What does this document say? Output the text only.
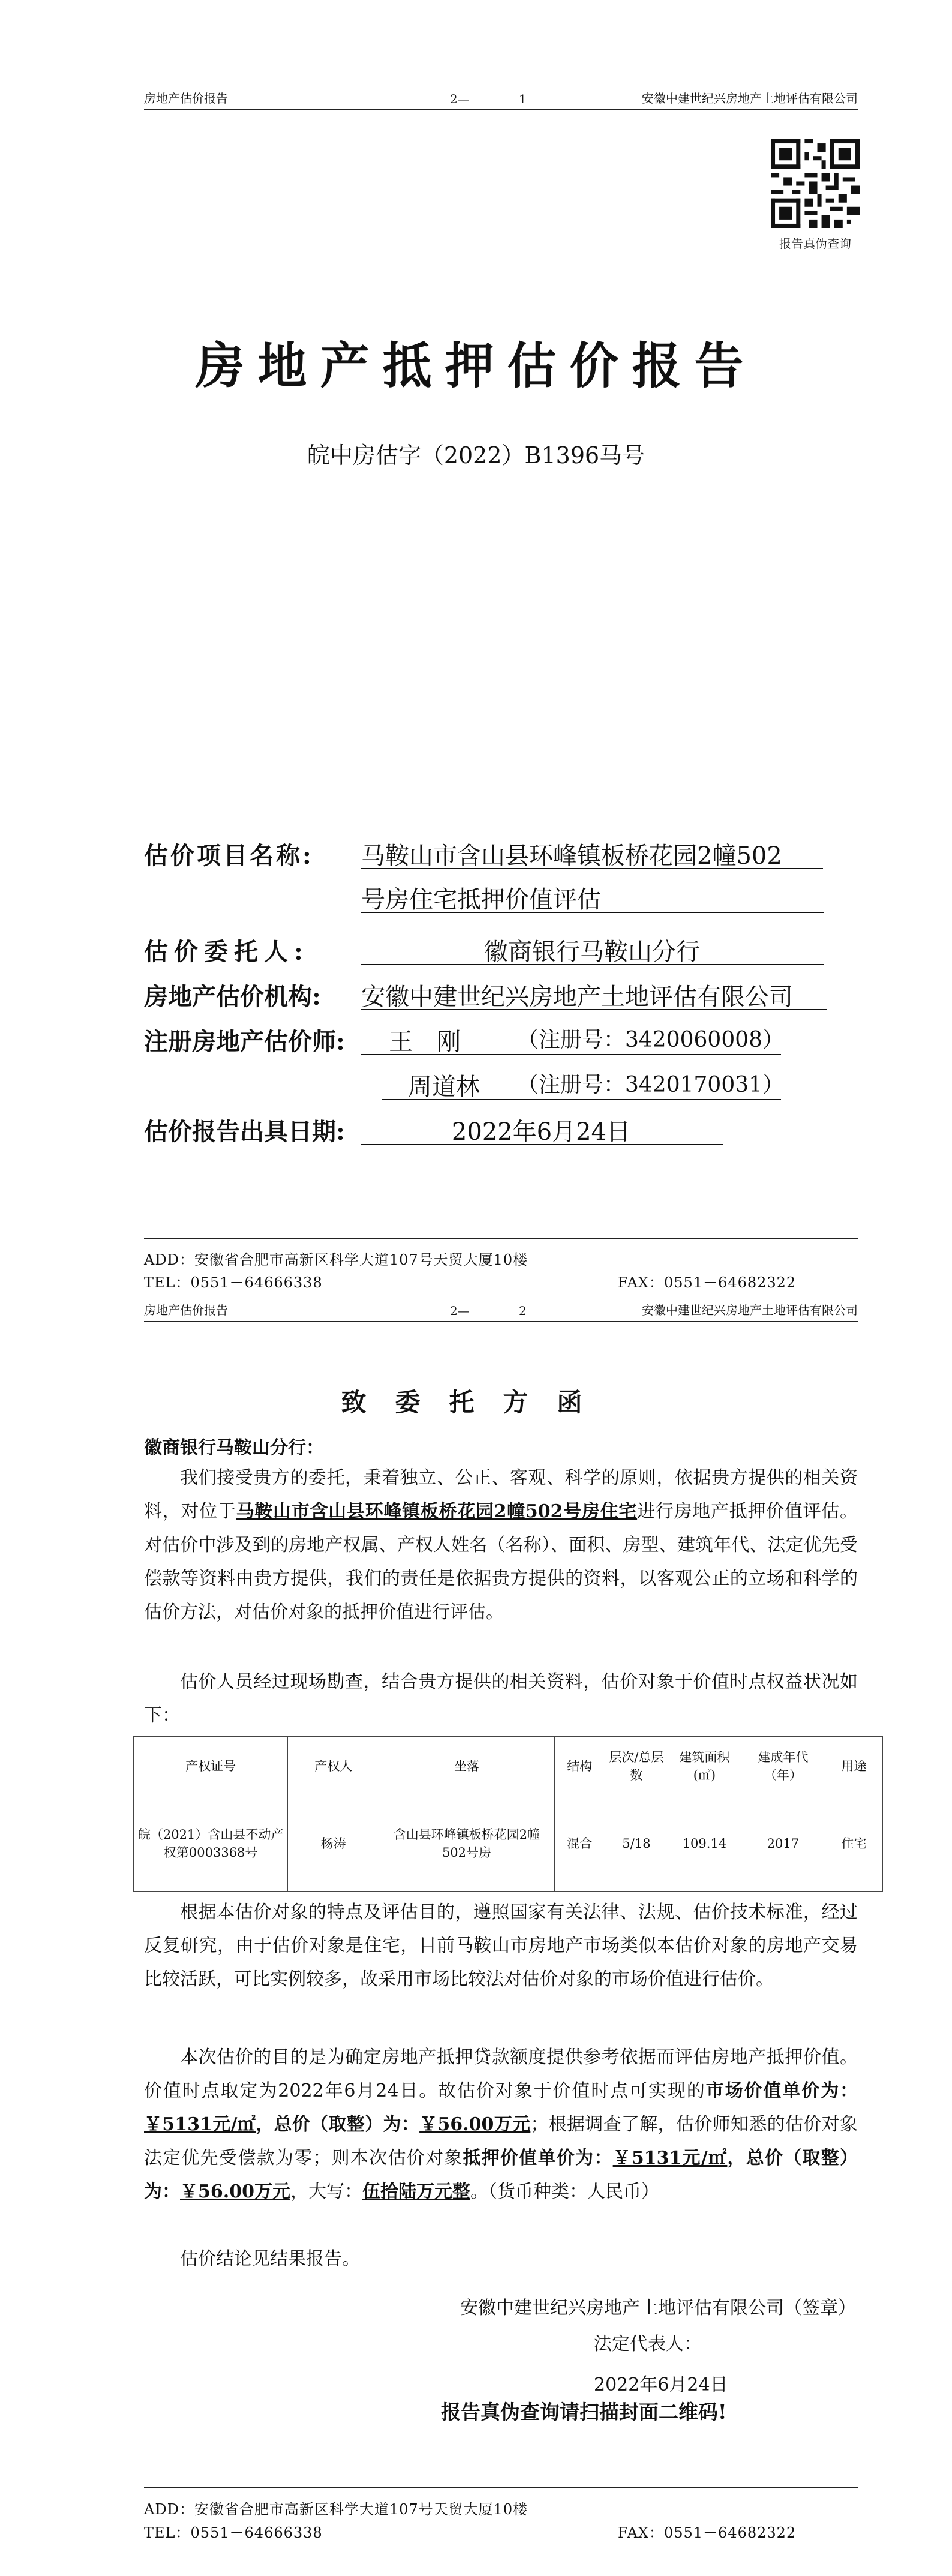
房地产估价报告	2—	1	安徽中建世纪兴房地产土地评估有限公司
报告真伪查询
房地产抵押估价报告
皖中房估字（2022）B1396马号
估价项目名称: 马鞍山市含山县环峰镇板桥花园2幢502
号房住宅抵押价值评估
估价委托人:	徽商银行马鞍山分行
房地产估价机构: 安徽中建世纪兴房地产土地评估有限公司
注册房地产估价师: 王　刚	（注册号：3420060008）
周道林 （注册号：3420170031）
估价报告出具日期:	2022年6月24日
ADD：安徽省合肥市高新区科学大道107号天贸大厦10楼
TEL：0551－64666338	FAX：0551－64682322
房地产估价报告	2—	2	安徽中建世纪兴房地产土地评估有限公司
致委托方函
徽商银行马鞍山分行：
我们接受贵方的委托，秉着独立、公正、客观、科学的原则，依据贵方提供的相关资料，对位于马鞍山市含山县环峰镇板桥花园2幢502号房住宅进行房地产抵押价值评估。对估价中涉及到的房地产权属、产权人姓名（名称）、面积、房型、建筑年代、法定优先受偿款等资料由贵方提供，我们的责任是依据贵方提供的资料，以客观公正的立场和科学的估价方法，对估价对象的抵押价值进行评估。
估价人员经过现场勘查，结合贵方提供的相关资料，估价对象于价值时点权益状况如下：
产权证号	产权人	坐落	结构	层次/总层数	建筑面积(㎡)	建成年代（年）	用途
皖（2021）含山县不动产权第0003368号	杨涛	含山县环峰镇板桥花园2幢502号房	混合	5/18	109.14	2017	住宅
根据本估价对象的特点及评估目的，遵照国家有关法律、法规、估价技术标准，经过反复研究，由于估价对象是住宅，目前马鞍山市房地产市场类似本估价对象的房地产交易比较活跃，可比实例较多，故采用市场比较法对估价对象的市场价值进行估价。
本次估价的目的是为确定房地产抵押贷款额度提供参考依据而评估房地产抵押价值。价值时点取定为2022年6月24日。故估价对象于价值时点可实现的市场价值单价为：￥5131元/㎡，总价（取整）为：￥56.00万元；根据调查了解，估价师知悉的估价对象法定优先受偿款为零；则本次估价对象抵押价值单价为：￥5131元/㎡，总价（取整）为：￥56.00万元，大写：伍拾陆万元整。（货币种类：人民币）
估价结论见结果报告。
安徽中建世纪兴房地产土地评估有限公司（签章）
法定代表人：
2022年6月24日
报告真伪查询请扫描封面二维码!
ADD：安徽省合肥市高新区科学大道107号天贸大厦10楼
TEL：0551－64666338	FAX：0551－64682322
